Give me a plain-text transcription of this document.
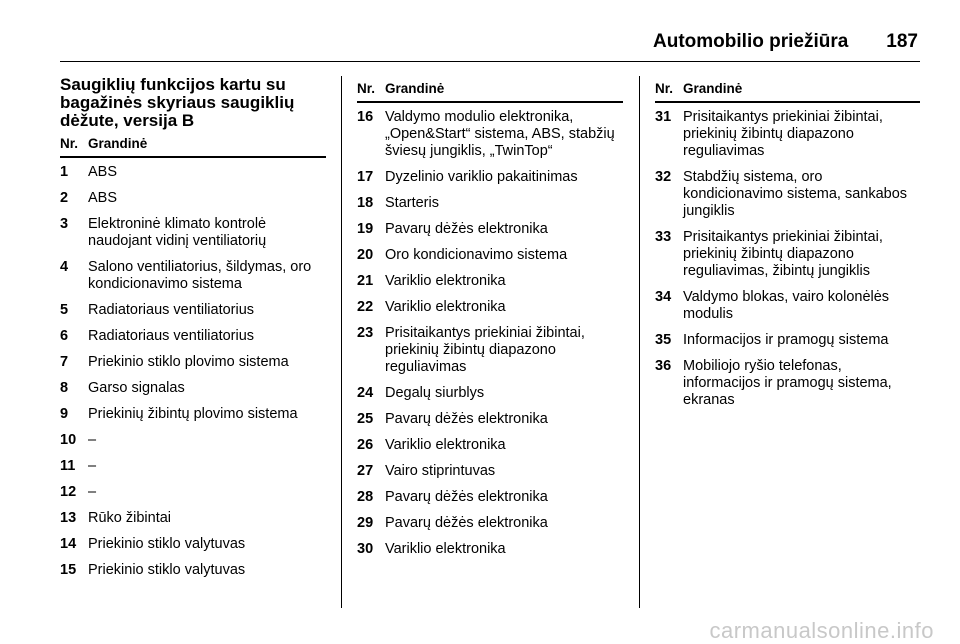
Automobilio priežiūra 187
Saugiklių funkcijos kartu su bagažinės skyriaus saugiklių dėžute, versija B
Nr. Grandinė
1	ABS
2	ABS
3	Elektroninė klimato kontrolė naudojant vidinį ventiliatorių
4	Salono ventiliatorius, šildymas, oro kondicionavimo sistema
5	Radiatoriaus ventiliatorius
6	Radiatoriaus ventiliatorius
7	Priekinio stiklo plovimo sistema
8	Garso signalas
9	Priekinių žibintų plovimo sistema
10 –
11 –
12 –
13 Rūko žibintai
14 Priekinio stiklo valytuvas
15 Priekinio stiklo valytuvas
Nr. Grandinė
16 Valdymo modulio elektronika, „Open&Start“ sistema, ABS, stabžių šviesų jungiklis, „TwinTop“
17 Dyzelinio variklio pakaitinimas
18 Starteris
19 Pavarų dėžės elektronika
20 Oro kondicionavimo sistema
21 Variklio elektronika
22 Variklio elektronika
23 Prisitaikantys priekiniai žibintai, priekinių žibintų diapazono reguliavimas
24 Degalų siurblys
25 Pavarų dėžės elektronika
26 Variklio elektronika
27 Vairo stiprintuvas
28 Pavarų dėžės elektronika
29 Pavarų dėžės elektronika
30 Variklio elektronika
Nr. Grandinė
31 Prisitaikantys priekiniai žibintai, priekinių žibintų diapazono reguliavimas
32 Stabdžių sistema, oro kondicionavimo sistema, sankabos jungiklis
33 Prisitaikantys priekiniai žibintai, priekinių žibintų diapazono reguliavimas, žibintų jungiklis
34 Valdymo blokas, vairo kolonėlės modulis
35 Informacijos ir pramogų sistema
36 Mobiliojo ryšio telefonas, informacijos ir pramogų sistema, ekranas
carmanualsonline.info
